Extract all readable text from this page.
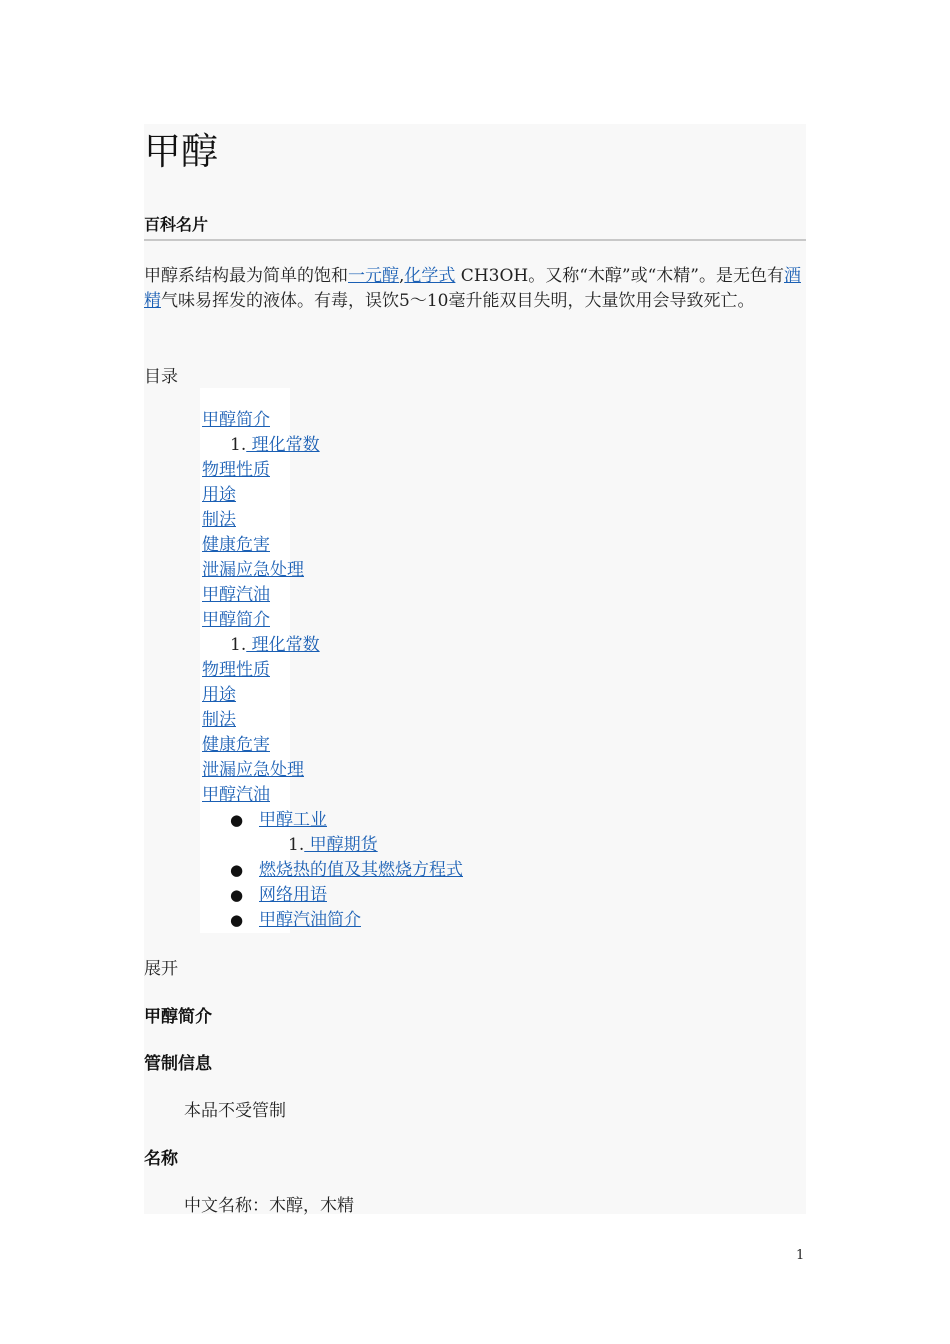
甲醇
百科名片

甲醇系结构最为简单的饱和一元醇,化学式 CH3OH。又称“木醇”或“木精”。是无色有酒精气味易挥发的液体。有毒，误饮5～10毫升能双目失明，大量饮用会导致死亡。

目录
甲醇简介
1. 理化常数
物理性质
用途
制法
健康危害
泄漏应急处理
甲醇汽油
甲醇简介
1. 理化常数
物理性质
用途
制法
健康危害
泄漏应急处理
甲醇汽油
● 甲醇工业
1. 甲醇期货
● 燃烧热的值及其燃烧方程式
● 网络用语
● 甲醇汽油简介
展开
甲醇简介
管制信息
本品不受管制
名称
中文名称：木醇，木精
1
